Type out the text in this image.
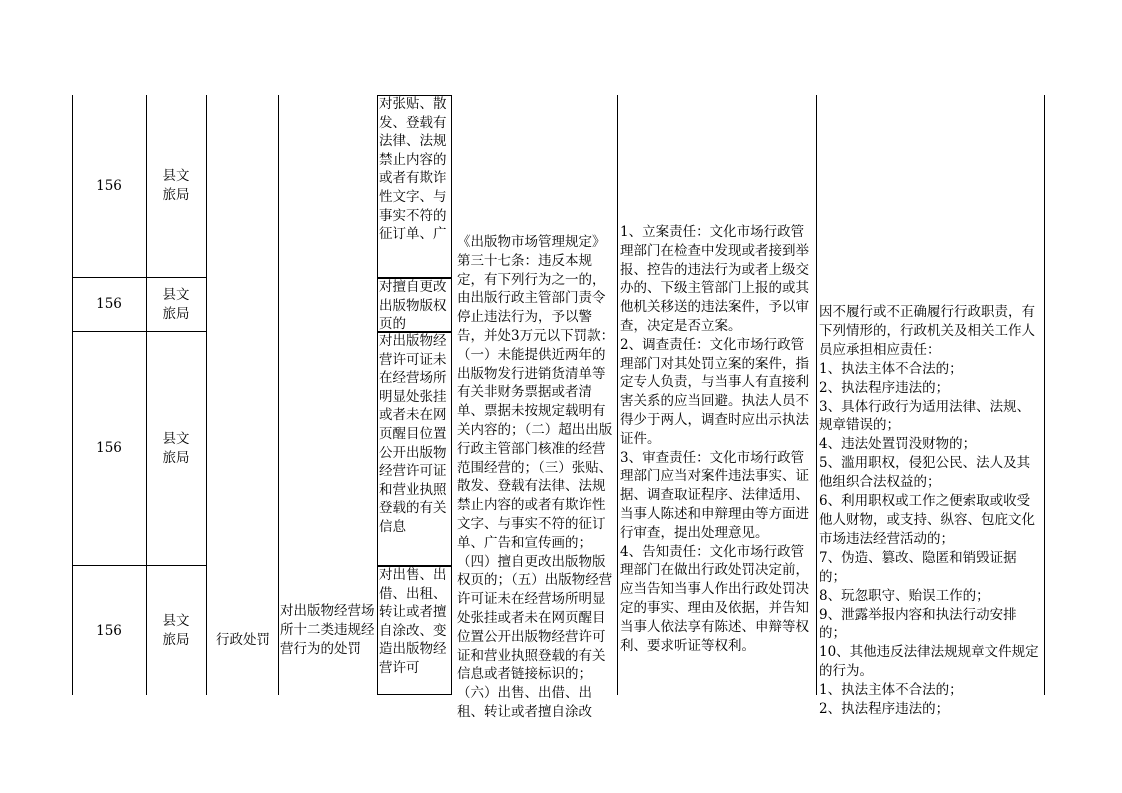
156
县文旅局
156
县文旅局
156
县文旅局
156
县文旅局	行政处罚
对出版物经营场所十二类违规经营行为的处罚
对张贴、散发、登载有法律、法规禁止内容的或者有欺诈性文字、与事实不符的征订单、广
对擅自更改出版物版权页的
对出版物经营许可证未在经营场所明显处张挂或者未在网页醒目位置公开出版物经营许可证和营业执照登载的有关信息
对出售、出借、出租、转让或者擅自涂改、变造出版物经营许可
《出版物市场管理规定》第三十七条：违反本规定，有下列行为之一的，由出版行政主管部门责令停止违法行为，予以警告，并处3万元以下罚款：（一）未能提供近两年的出版物发行进销货清单等有关非财务票据或者清单、票据未按规定载明有关内容的；（二）超出出版行政主管部门核准的经营范围经营的；（三）张贴、散发、登载有法律、法规禁止内容的或者有欺诈性文字、与事实不符的征订单、广告和宣传画的；（四）擅自更改出版物版权页的；（五）出版物经营许可证未在经营场所明显处张挂或者未在网页醒目位置公开出版物经营许可证和营业执照登载的有关信息或者链接标识的；（六）出售、出借、出租、转让或者擅自涂改
1、立案责任：文化市场行政管理部门在检查中发现或者接到举报、控告的违法行为或者上级交办的、下级主管部门上报的或其他机关移送的违法案件，予以审查，决定是否立案。
2、调查责任：文化市场行政管理部门对其处罚立案的案件，指定专人负责，与当事人有直接利害关系的应当回避。执法人员不得少于两人，调查时应出示执法证件。
3、审查责任：文化市场行政管理部门应当对案件违法事实、证据、调查取证程序、法律适用、当事人陈述和申辩理由等方面进行审查，提出处理意见。
4、告知责任：文化市场行政管理部门在做出行政处罚决定前，应当告知当事人作出行政处罚决定的事实、理由及依据，并告知当事人依法享有陈述、申辩等权利、要求听证等权利。
因不履行或不正确履行行政职责，有下列情形的，行政机关及相关工作人员应承担相应责任：
1、执法主体不合法的；
2、执法程序违法的；
3、具体行政行为适用法律、法规、规章错误的；
4、违法处置罚没财物的；
5、滥用职权，侵犯公民、法人及其他组织合法权益的；
6、利用职权或工作之便索取或收受他人财物，或支持、纵容、包庇文化市场违法经营活动的；
7、伪造、篡改、隐匿和销毁证据的；
8、玩忽职守、贻误工作的；
9、泄露举报内容和执法行动安排的；
10、其他违反法律法规规章文件规定的行为。
1、执法主体不合法的；
2、执法程序违法的；
